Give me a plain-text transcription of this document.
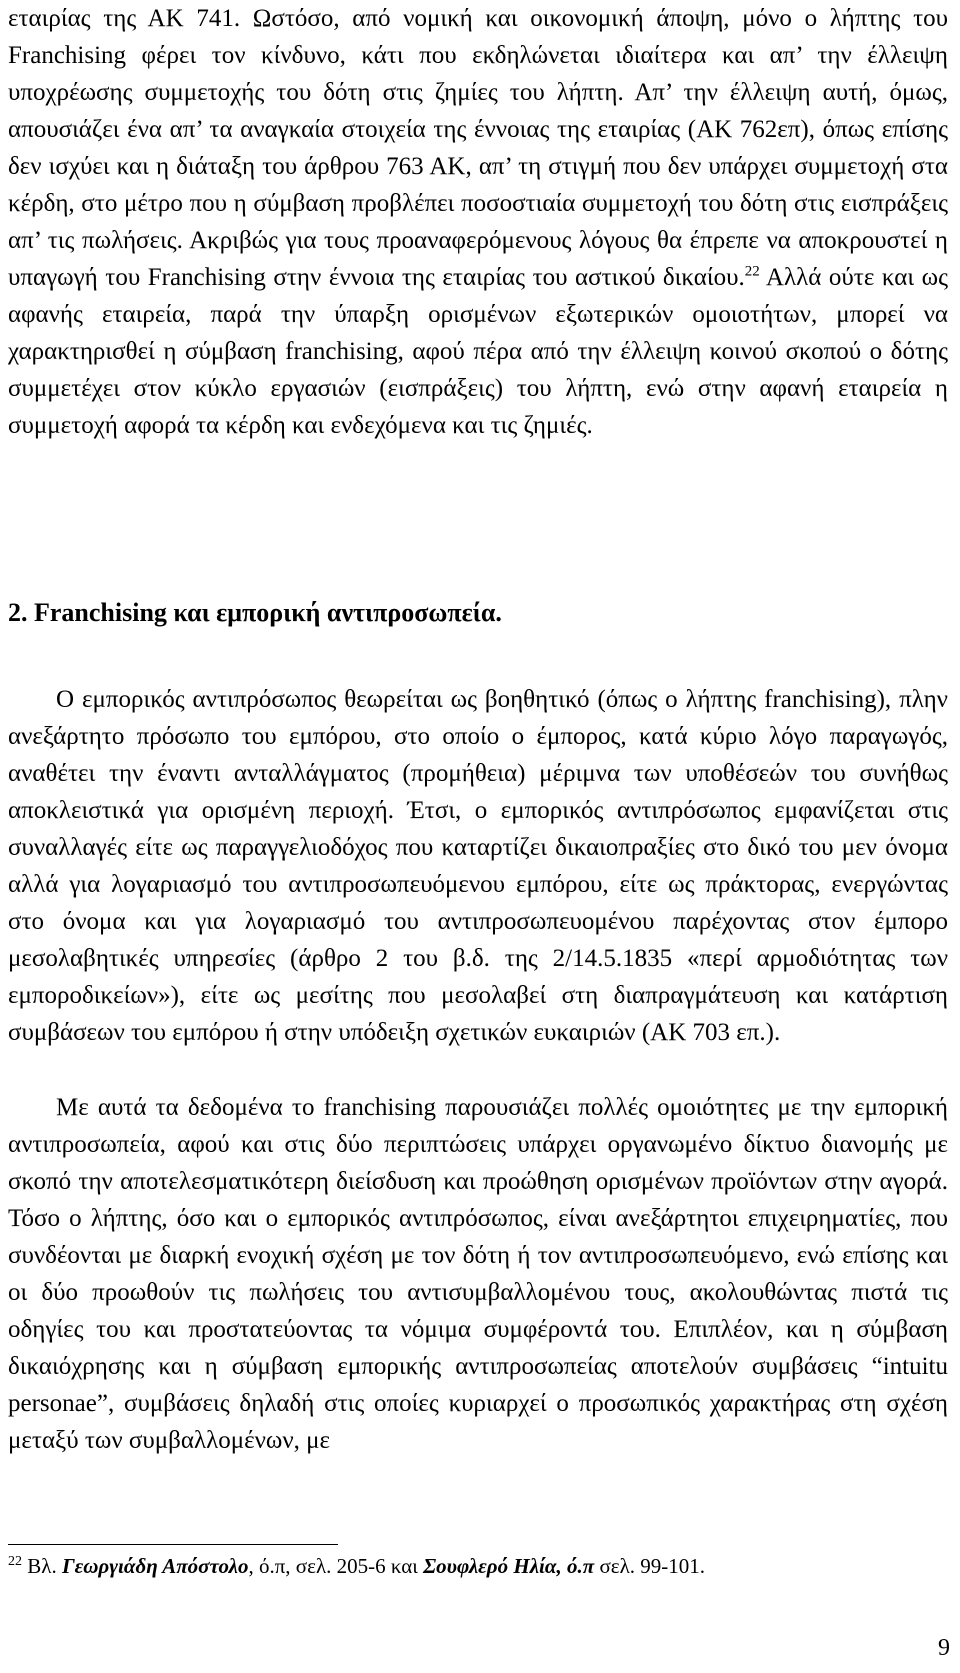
εταιρίας της ΑΚ 741. Ωστόσο, από νομική και οικονομική άποψη, μόνο ο λήπτης του Franchising φέρει τον κίνδυνο, κάτι που εκδηλώνεται ιδιαίτερα και απ’ την έλλειψη υποχρέωσης συμμετοχής του δότη στις ζημίες του λήπτη. Απ’ την έλλειψη αυτή, όμως, απουσιάζει ένα απ’ τα αναγκαία στοιχεία της έννοιας της εταιρίας (ΑΚ 762επ), όπως επίσης δεν ισχύει και η διάταξη του άρθρου 763 ΑΚ, απ’ τη στιγμή που δεν υπάρχει συμμετοχή στα κέρδη, στο μέτρο που η σύμβαση προβλέπει ποσοστιαία συμμετοχή του δότη στις εισπράξεις απ’ τις πωλήσεις. Ακριβώς για τους προαναφερόμενους λόγους θα έπρεπε να αποκρουστεί η υπαγωγή του Franchising στην έννοια της εταιρίας του αστικού δικαίου.$^{22}$ Αλλά ούτε και ως αφανής εταιρεία, παρά την ύπαρξη ορισμένων εξωτερικών ομοιοτήτων, μπορεί να χαρακτηρισθεί η σύμβαση franchising, αφού πέρα από την έλλειψη κοινού σκοπού ο δότης συμμετέχει στον κύκλο εργασιών (εισπράξεις) του λήπτη, ενώ στην αφανή εταιρεία η συμμετοχή αφορά τα κέρδη και ενδεχόμενα και τις ζημιές.

2. Franchising και εμπορική αντιπροσωπεία.

Ο εμπορικός αντιπρόσωπος θεωρείται ως βοηθητικό (όπως ο λήπτης franchising), πλην ανεξάρτητο πρόσωπο του εμπόρου, στο οποίο ο έμπορος, κατά κύριο λόγο παραγωγός, αναθέτει την έναντι ανταλλάγματος (προμήθεια) μέριμνα των υποθέσεών του συνήθως αποκλειστικά για ορισμένη περιοχή. Έτσι, ο εμπορικός αντιπρόσωπος εμφανίζεται στις συναλλαγές είτε ως παραγγελιοδόχος που καταρτίζει δικαιοπραξίες στο δικό του μεν όνομα αλλά για λογαριασμό του αντιπροσωπευόμενου εμπόρου, είτε ως πράκτορας, ενεργώντας στο όνομα και για λογαριασμό του αντιπροσωπευομένου παρέχοντας στον έμπορο μεσολαβητικές υπηρεσίες (άρθρο 2 του β.δ. της 2/14.5.1835 «περί αρμοδιότητας των εμποροδικείων»), είτε ως μεσίτης που μεσολαβεί στη διαπραγμάτευση και κατάρτιση συμβάσεων του εμπόρου ή στην υπόδειξη σχετικών ευκαιριών (ΑΚ 703 επ.).

Με αυτά τα δεδομένα το franchising παρουσιάζει πολλές ομοιότητες με την εμπορική αντιπροσωπεία, αφού και στις δύο περιπτώσεις υπάρχει οργανωμένο δίκτυο διανομής με σκοπό την αποτελεσματικότερη διείσδυση και προώθηση ορισμένων προϊόντων στην αγορά. Τόσο ο λήπτης, όσο και ο εμπορικός αντιπρόσωπος, είναι ανεξάρτητοι επιχειρηματίες, που συνδέονται με διαρκή ενοχική σχέση με τον δότη ή τον αντιπροσωπευόμενο, ενώ επίσης και οι δύο προωθούν τις πωλήσεις του αντισυμβαλλομένου τους, ακολουθώντας πιστά τις οδηγίες του και προστατεύοντας τα νόμιμα συμφέροντά του. Επιπλέον, και η σύμβαση δικαιόχρησης και η σύμβαση εμπορικής αντιπροσωπείας αποτελούν συμβάσεις “intuitu personae”, συμβάσεις δηλαδή στις οποίες κυριαρχεί ο προσωπικός χαρακτήρας στη σχέση μεταξύ των συμβαλλομένων, με

$^{22}$ Βλ. Γεωργιάδη Απόστολο, ό.π, σελ. 205-6 και Σουφλερό Ηλία, ό.π σελ. 99-101.

9
